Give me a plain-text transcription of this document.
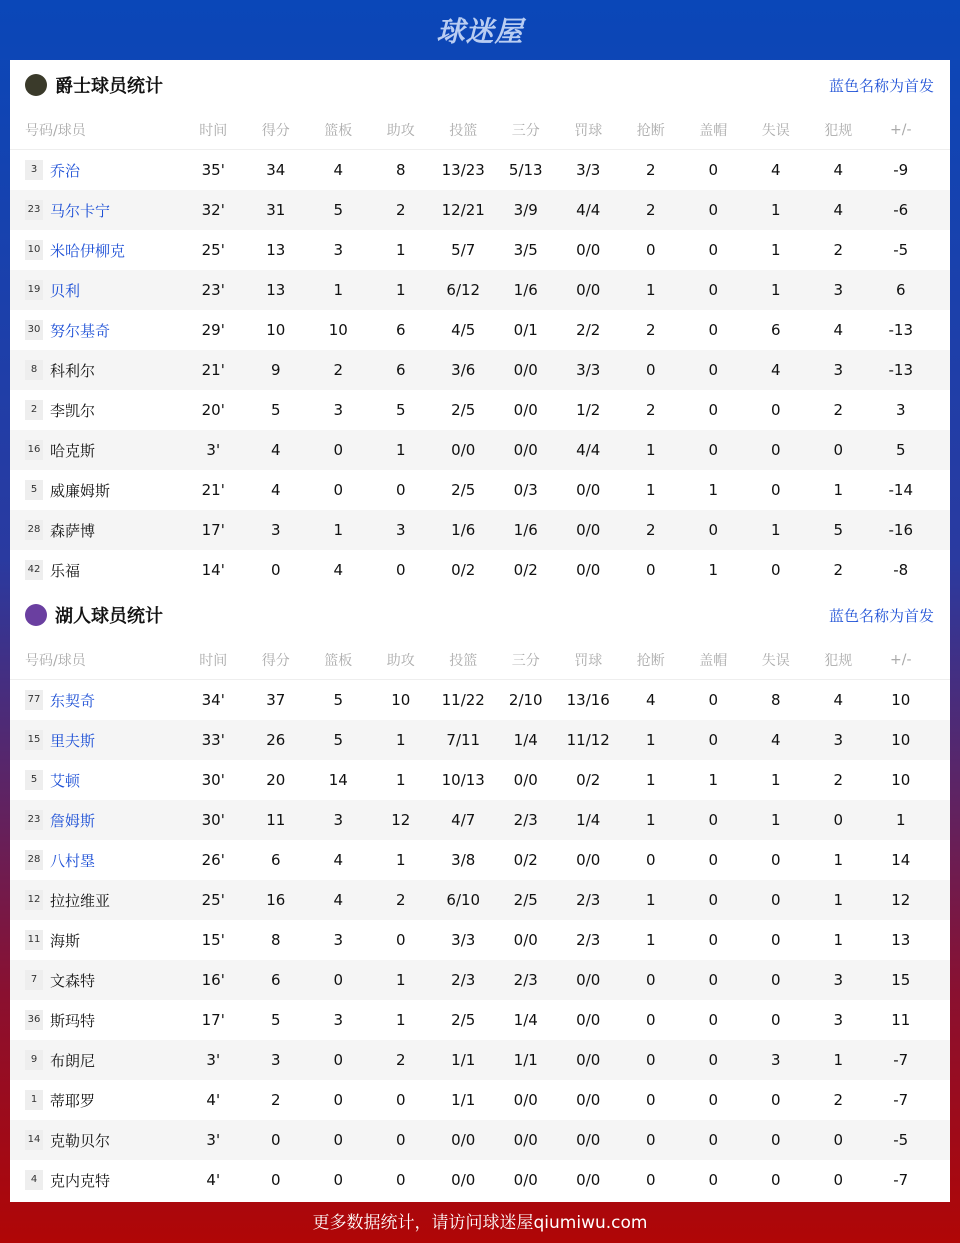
球迷屋
爵士球员统计	蓝色名称为首发
号码/球员	时间	得分	篮板	助攻	投篮	三分	罚球	抢断	盖帽	失误	犯规	+/-
3 乔治	35'	34	4	8	13/23	5/13	3/3	2	0	4	4	-9
23 马尔卡宁	32'	31	5	2	12/21	3/9	4/4	2	0	1	4	-6
10 米哈伊柳克	25'	13	3	1	5/7	3/5	0/0	0	0	1	2	-5
19 贝利	23'	13	1	1	6/12	1/6	0/0	1	0	1	3	6
30 努尔基奇	29'	10	10	6	4/5	0/1	2/2	2	0	6	4	-13
8 科利尔	21'	9	2	6	3/6	0/0	3/3	0	0	4	3	-13
2 李凯尔	20'	5	3	5	2/5	0/0	1/2	2	0	0	2	3
16 哈克斯	3'	4	0	1	0/0	0/0	4/4	1	0	0	0	5
5 威廉姆斯	21'	4	0	0	2/5	0/3	0/0	1	1	0	1	-14
28 森萨博	17'	3	1	3	1/6	1/6	0/0	2	0	1	5	-16
42 乐福	14'	0	4	0	0/2	0/2	0/0	0	1	0	2	-8
湖人球员统计	蓝色名称为首发
号码/球员	时间	得分	篮板	助攻	投篮	三分	罚球	抢断	盖帽	失误	犯规	+/-
77 东契奇	34'	37	5	10	11/22	2/10	13/16	4	0	8	4	10
15 里夫斯	33'	26	5	1	7/11	1/4	11/12	1	0	4	3	10
5 艾顿	30'	20	14	1	10/13	0/0	0/2	1	1	1	2	10
23 詹姆斯	30'	11	3	12	4/7	2/3	1/4	1	0	1	0	1
28 八村塁	26'	6	4	1	3/8	0/2	0/0	0	0	0	1	14
12 拉拉维亚	25'	16	4	2	6/10	2/5	2/3	1	0	0	1	12
11 海斯	15'	8	3	0	3/3	0/0	2/3	1	0	0	1	13
7 文森特	16'	6	0	1	2/3	2/3	0/0	0	0	0	3	15
36 斯玛特	17'	5	3	1	2/5	1/4	0/0	0	0	0	3	11
9 布朗尼	3'	3	0	2	1/1	1/1	0/0	0	0	3	1	-7
1 蒂耶罗	4'	2	0	0	1/1	0/0	0/0	0	0	0	2	-7
14 克勒贝尔	3'	0	0	0	0/0	0/0	0/0	0	0	0	0	-5
4 克内克特	4'	0	0	0	0/0	0/0	0/0	0	0	0	0	-7
更多数据统计，请访问球迷屋qiumiwu.com
